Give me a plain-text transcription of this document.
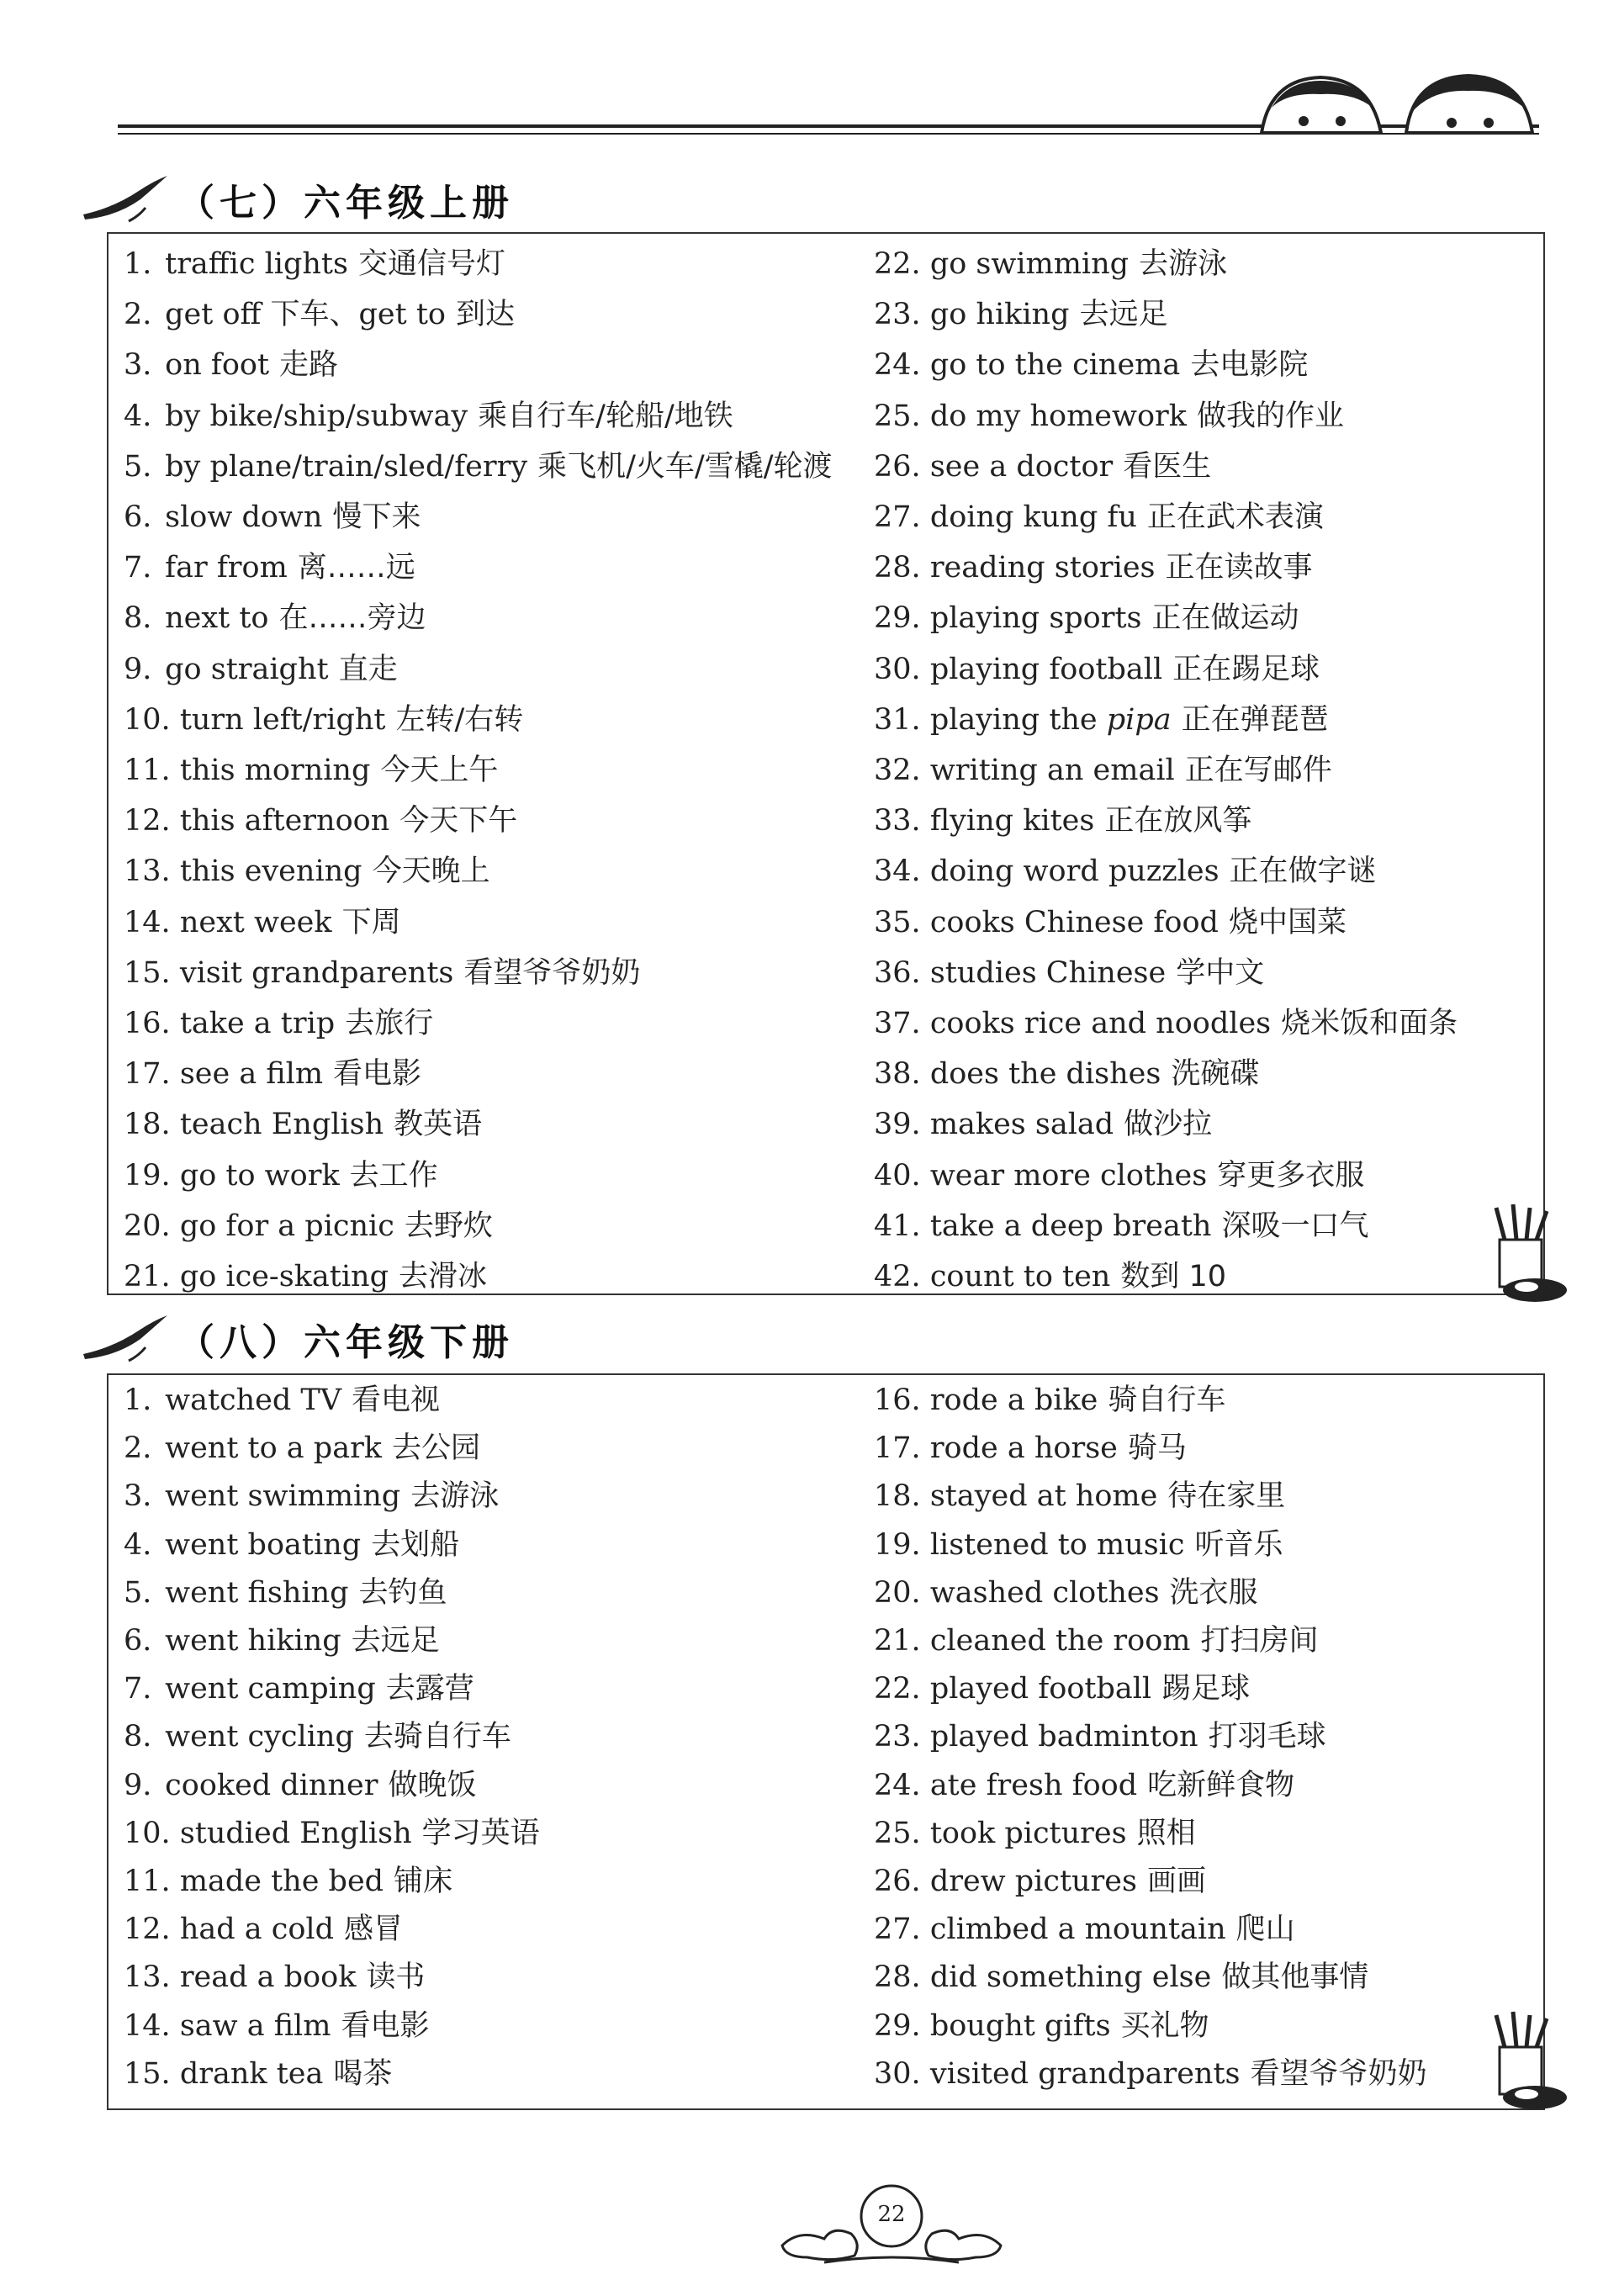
（七）六年级上册
1. traffic lights 交通信号灯
2. get off 下车、get to 到达
3. on foot 走路
4. by bike/ship/subway 乘自行车/轮船/地铁
5. by plane/train/sled/ferry 乘飞机/火车/雪橇/轮渡
6. slow down 慢下来
7. far from 离……远
8. next to 在……旁边
9. go straight 直走
10. turn left/right 左转/右转
11. this morning 今天上午
12. this afternoon 今天下午
13. this evening 今天晚上
14. next week 下周
15. visit grandparents 看望爷爷奶奶
16. take a trip 去旅行
17. see a film 看电影
18. teach English 教英语
19. go to work 去工作
20. go for a picnic 去野炊
21. go ice-skating 去滑冰
22. go swimming 去游泳
23. go hiking 去远足
24. go to the cinema 去电影院
25. do my homework 做我的作业
26. see a doctor 看医生
27. doing kung fu 正在武术表演
28. reading stories 正在读故事
29. playing sports 正在做运动
30. playing football 正在踢足球
31. playing the pipa 正在弹琵琶
32. writing an email 正在写邮件
33. flying kites 正在放风筝
34. doing word puzzles 正在做字谜
35. cooks Chinese food 烧中国菜
36. studies Chinese 学中文
37. cooks rice and noodles 烧米饭和面条
38. does the dishes 洗碗碟
39. makes salad 做沙拉
40. wear more clothes 穿更多衣服
41. take a deep breath 深吸一口气
42. count to ten 数到 10
（八）六年级下册
1. watched TV 看电视
2. went to a park 去公园
3. went swimming 去游泳
4. went boating 去划船
5. went fishing 去钓鱼
6. went hiking 去远足
7. went camping 去露营
8. went cycling 去骑自行车
9. cooked dinner 做晚饭
10. studied English 学习英语
11. made the bed 铺床
12. had a cold 感冒
13. read a book 读书
14. saw a film 看电影
15. drank tea 喝茶
16. rode a bike 骑自行车
17. rode a horse 骑马
18. stayed at home 待在家里
19. listened to music 听音乐
20. washed clothes 洗衣服
21. cleaned the room 打扫房间
22. played football 踢足球
23. played badminton 打羽毛球
24. ate fresh food 吃新鲜食物
25. took pictures 照相
26. drew pictures 画画
27. climbed a mountain 爬山
28. did something else 做其他事情
29. bought gifts 买礼物
30. visited grandparents 看望爷爷奶奶
22
